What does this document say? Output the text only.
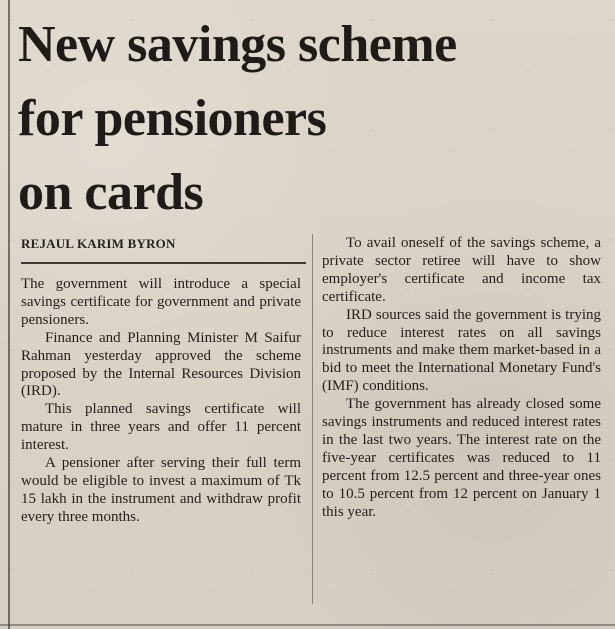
New savings scheme
for pensioners
on cards
REJAUL KARIM BYRON

The government will introduce a special savings certificate for government and private pensioners.

Finance and Planning Minister M Saifur Rahman yesterday approved the scheme proposed by the Internal Resources Division (IRD).

This planned savings certificate will mature in three years and offer 11 percent interest.

A pensioner after serving their full term would be eligible to invest a maximum of Tk 15 lakh in the instrument and withdraw profit every three months.

To avail oneself of the savings scheme, a private sector retiree will have to show employer's certificate and income tax certificate.

IRD sources said the government is trying to reduce interest rates on all savings instruments and make them market-based in a bid to meet the International Monetary Fund's (IMF) conditions.

The government has already closed some savings instruments and reduced interest rates in the last two years. The interest rate on the five-year certificates was reduced to 11 percent from 12.5 percent and three-year ones to 10.5 percent from 12 percent on January 1 this year.
